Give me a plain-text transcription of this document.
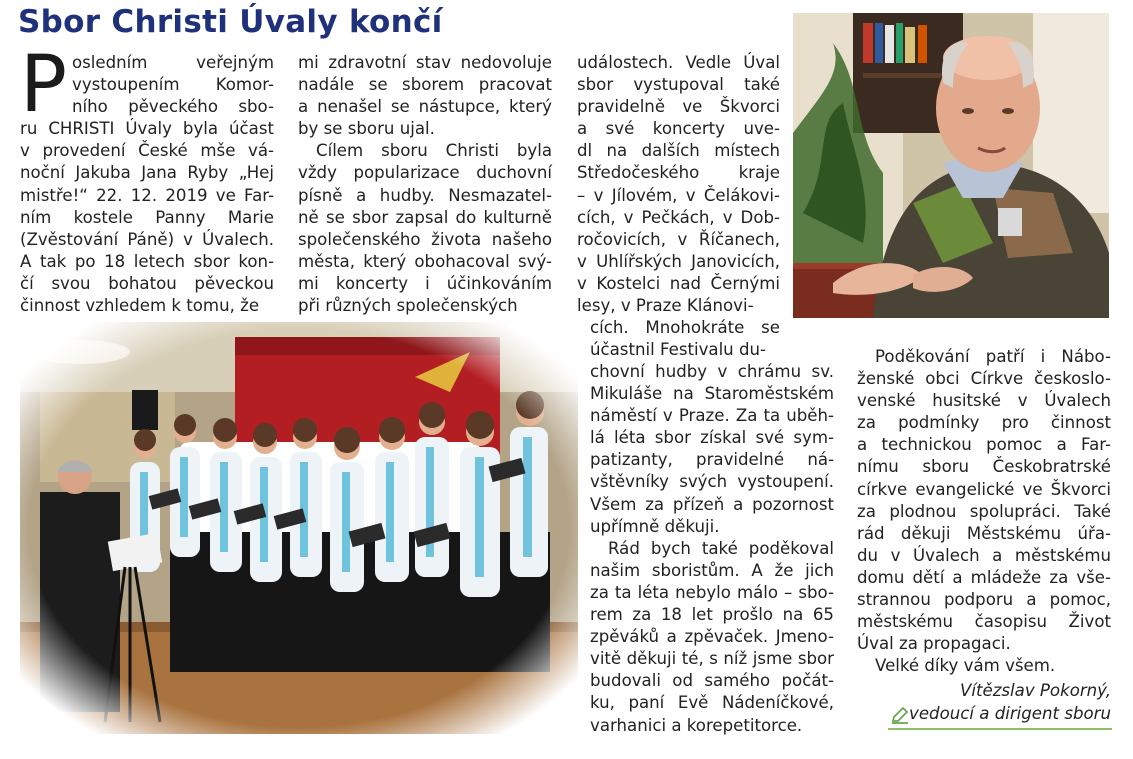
Sbor Christi Úvaly končí
P osledním veřejným
vystoupením Komor-
ního pěveckého sbo-
ru CHRISTI Úvaly byla účast
v provedení České mše vá-
noční Jakuba Jana Ryby „Hej
mistře!“ 22. 12. 2019 ve Far-
ním kostele Panny Marie
(Zvěstování Páně) v Úvalech.
A tak po 18 letech sbor kon-
čí svou bohatou pěveckou
činnost vzhledem k tomu, že
mi zdravotní stav nedovoluje
nadále se sborem pracovat
a nenašel se nástupce, který
by se sboru ujal.
Cílem sboru Christi byla
vždy popularizace duchovní
písně a hudby. Nesmazatel-
ně se sbor zapsal do kulturně
společenského života našeho
města, který obohacoval svý-
mi koncerty i účinkováním
při různých společenských
událostech. Vedle Úval
sbor vystupoval také
pravidelně ve Škvorci
a své koncerty uve-
dl na dalších místech
Středočeského kraje
– v Jílovém, v Čelákovi-
cích, v Pečkách, v Dob-
ročovicích, v Říčanech,
v Uhlířských Janovicích,
v Kostelci nad Černými
lesy, v Praze Klánovi-
cích. Mnohokráte se
účastnil Festivalu du-
chovní hudby v chrámu sv.
Mikuláše na Staroměstském
náměstí v Praze. Za ta uběh-
lá léta sbor získal své sym-
patizanty, pravidelné ná-
vštěvníky svých vystoupení.
Všem za přízeň a pozornost
upřímně děkuji.
Rád bych také poděkoval
našim sboristům. A že jich
za ta léta nebylo málo – sbo-
rem za 18 let prošlo na 65
zpěváků a zpěvaček. Jmeno-
vitě děkuji té, s níž jsme sbor
budovali od samého počát-
ku, paní Evě Nádeníčkové,
varhanici a korepetitorce.
Poděkování patří i Nábo-
ženské obci Církve českoslo-
venské husitské v Úvalech
za podmínky pro činnost
a technickou pomoc a Far-
nímu sboru Českobratrské
církve evangelické ve Škvorci
za plodnou spolupráci. Také
rád děkuji Městskému úřa-
du v Úvalech a městskému
domu dětí a mládeže za vše-
strannou podporu a pomoc,
městskému časopisu Život
Úval za propagaci.
Velké díky vám všem.
Vítězslav Pokorný,
vedoucí a dirigent sboru
